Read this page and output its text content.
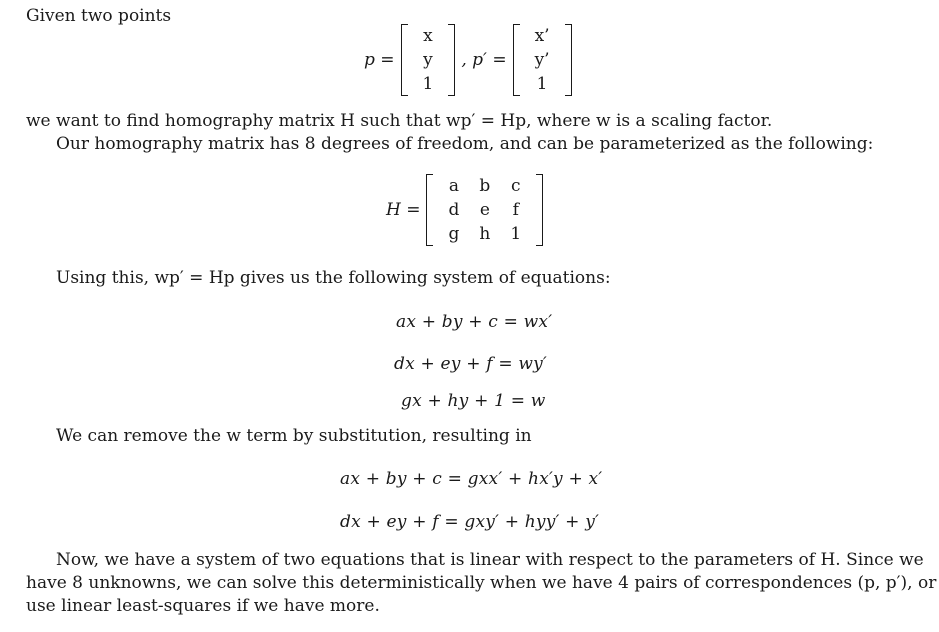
Given two points
p =
x
y
1
, p′ =
x’
y’
1
we want to find homography matrix H such that wp′ = Hp, where w is a scaling factor.
Our homography matrix has 8 degrees of freedom, and can be parameterized as the following:
H =
a	b	c
d	e	f
g	h	1
Using this, wp′ = Hp gives us the following system of equations:
ax + by + c = wx′
dx + ey + f = wy′
gx + hy + 1 = w
We can remove the w term by substitution, resulting in
ax + by + c = gxx′ + hx′y + x′
dx + ey + f = gxy′ + hyy′ + y′
Now, we have a system of two equations that is linear with respect to the parameters of H. Since we
have 8 unknowns, we can solve this deterministically when we have 4 pairs of correspondences (p, p′), or
use linear least-squares if we have more.
